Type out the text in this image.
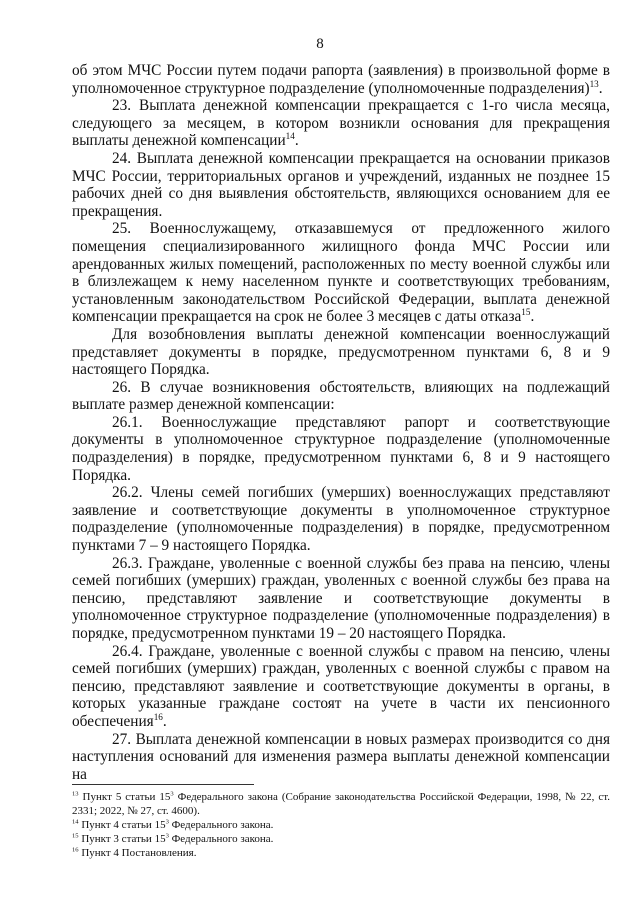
8

об этом МЧС России путем подачи рапорта (заявления) в произвольной форме в уполномоченное структурное подразделение (уполномоченные подразделения)$^{13}$.

23. Выплата денежной компенсации прекращается с 1-го числа месяца, следующего за месяцем, в котором возникли основания для прекращения выплаты денежной компенсации$^{14}$.

24. Выплата денежной компенсации прекращается на основании приказов МЧС России, территориальных органов и учреждений, изданных не позднее 15 рабочих дней со дня выявления обстоятельств, являющихся основанием для ее прекращения.

25. Военнослужащему, отказавшемуся от предложенного жилого помещения специализированного жилищного фонда МЧС России или арендованных жилых помещений, расположенных по месту военной службы или в близлежащем к нему населенном пункте и соответствующих требованиям, установленным законодательством Российской Федерации, выплата денежной компенсации прекращается на срок не более 3 месяцев с даты отказа$^{15}$.

Для возобновления выплаты денежной компенсации военнослужащий представляет документы в порядке, предусмотренном пунктами 6, 8 и 9 настоящего Порядка.

26. В случае возникновения обстоятельств, влияющих на подлежащий выплате размер денежной компенсации:

26.1. Военнослужащие представляют рапорт и соответствующие документы в уполномоченное структурное подразделение (уполномоченные подразделения) в порядке, предусмотренном пунктами 6, 8 и 9 настоящего Порядка.

26.2. Члены семей погибших (умерших) военнослужащих представляют заявление и соответствующие документы в уполномоченное структурное подразделение (уполномоченные подразделения) в порядке, предусмотренном пунктами 7 – 9 настоящего Порядка.

26.3. Граждане, уволенные с военной службы без права на пенсию, члены семей погибших (умерших) граждан, уволенных с военной службы без права на пенсию, представляют заявление и соответствующие документы в уполномоченное структурное подразделение (уполномоченные подразделения) в порядке, предусмотренном пунктами 19 – 20 настоящего Порядка.

26.4. Граждане, уволенные с военной службы с правом на пенсию, члены семей погибших (умерших) граждан, уволенных с военной службы с правом на пенсию, представляют заявление и соответствующие документы в органы, в которых указанные граждане состоят на учете в части их пенсионного обеспечения$^{16}$.

27. Выплата денежной компенсации в новых размерах производится со дня наступления оснований для изменения размера выплаты денежной компенсации на

$^{13}$ Пункт 5 статьи $15^3$ Федерального закона (Собрание законодательства Российской Федерации, 1998, № 22, ст. 2331; 2022, № 27, ст. 4600).

$^{14}$ Пункт 4 статьи $15^3$ Федерального закона.

$^{15}$ Пункт 3 статьи $15^3$ Федерального закона.

$^{16}$ Пункт 4 Постановления.
